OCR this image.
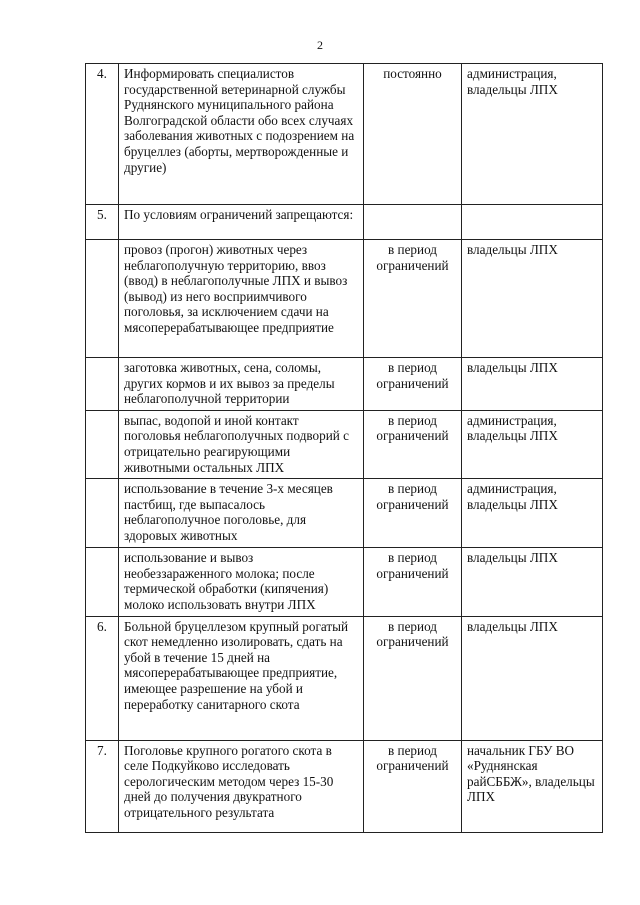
2
4.	Информировать специалистов государственной ветеринарной службы Руднянского муниципального района Волгоградской области обо всех случаях заболевания животных с подозрением на бруцеллез (аборты, мертворожденные и другие)	постоянно	администрация, владельцы ЛПХ
5.	По условиям ограничений запрещаются:		
	провоз (прогон) животных через неблагополучную территорию, ввоз (ввод) в неблагополучные ЛПХ и вывоз (вывод) из него восприимчивого поголовья, за исключением сдачи на мясоперерабатывающее предприятие	в период ограничений	владельцы ЛПХ
	заготовка животных, сена, соломы, других кормов и их вывоз за пределы неблагополучной территории	в период ограничений	владельцы ЛПХ
	выпас, водопой и иной контакт поголовья неблагополучных подворий с отрицательно реагирующими животными остальных ЛПХ	в период ограничений	администрация, владельцы ЛПХ
	использование в течение 3-х месяцев пастбищ, где выпасалось неблагополучное поголовье, для здоровых животных	в период ограничений	администрация, владельцы ЛПХ
	использование и вывоз необеззараженного молока; после термической обработки (кипячения) молоко использовать внутри ЛПХ	в период ограничений	владельцы ЛПХ
6.	Больной бруцеллезом крупный рогатый скот немедленно изолировать, сдать на убой в течение 15 дней на мясоперерабатывающее предприятие, имеющее разрешение на убой и переработку санитарного скота	в период ограничений	владельцы ЛПХ
7.	Поголовье крупного рогатого скота в селе Подкуйково исследовать серологическим методом через 15-30 дней до получения двукратного отрицательного результата	в период ограничений	начальник ГБУ ВО «Руднянская райСББЖ», владельцы ЛПХ
